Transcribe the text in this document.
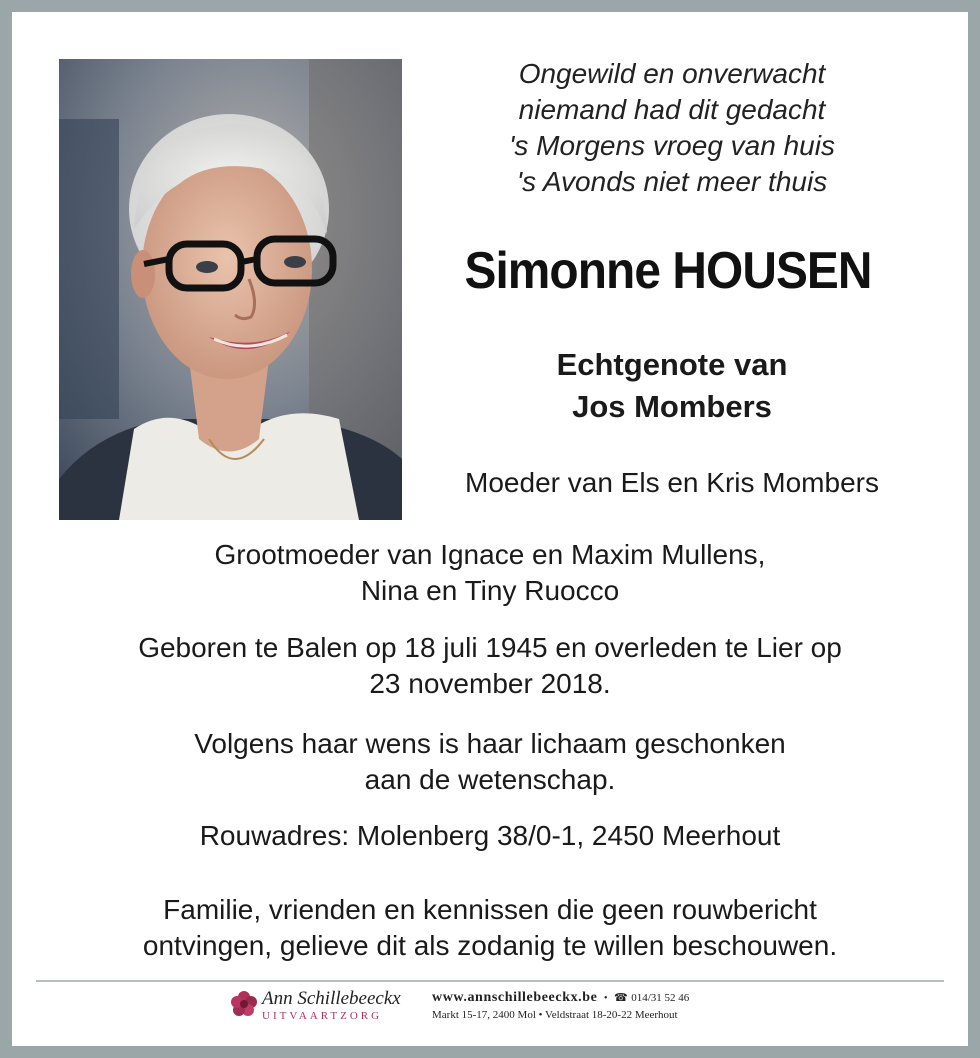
Ongewild en onverwacht
niemand had dit gedacht
's Morgens vroeg van huis
's Avonds niet meer thuis
Simonne HOUSEN
Echtgenote van
Jos Mombers
Moeder van Els en Kris Mombers
Grootmoeder van Ignace en Maxim Mullens,
Nina en Tiny Ruocco
Geboren te Balen op 18 juli 1945 en overleden te Lier op
23 november 2018.
Volgens haar wens is haar lichaam geschonken
aan de wetenschap.
Rouwadres: Molenberg 38/0-1, 2450 Meerhout
Familie, vrienden en kennissen die geen rouwbericht
ontvingen, gelieve dit als zodanig te willen beschouwen.
Ann Schillebeeckx
UITVAARTZORG
www.annschillebeeckx.be • ☎ 014/31 52 46
Markt 15-17, 2400 Mol • Veldstraat 18-20-22 Meerhout
